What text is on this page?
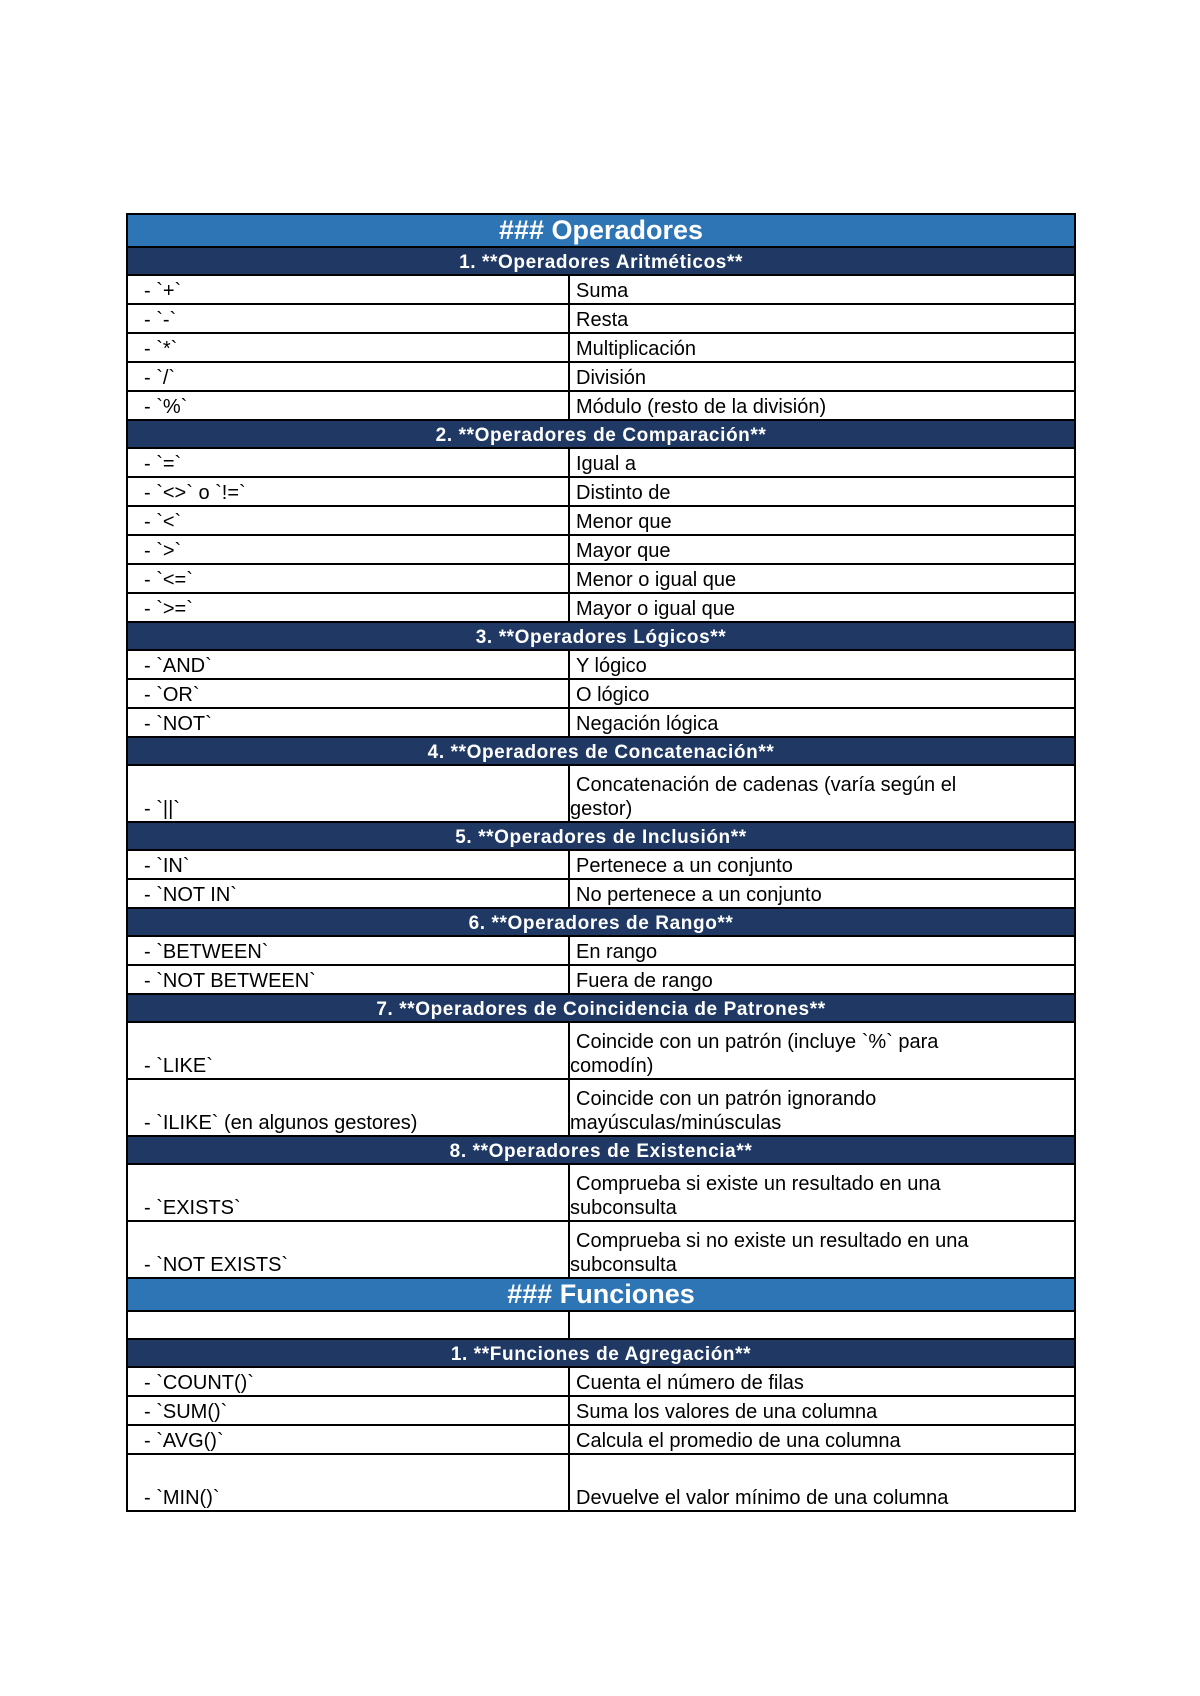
### Operadores	
1. **Operadores Aritméticos**	
- `+`	Suma
- `-`	Resta
- `*`	Multiplicación
- `/`	División
- `%`	Módulo (resto de la división)
2. **Operadores de Comparación**	
- `=`	Igual a
- `<>` o `!=`	Distinto de
- `<`	Menor que
- `>`	Mayor que
- `<=`	Menor o igual que
- `>=`	Mayor o igual que
3. **Operadores Lógicos**	
- `AND`	Y lógico
- `OR`	O lógico
- `NOT`	Negación lógica
4. **Operadores de Concatenación**	
- `||`	Concatenación de cadenas (varía según el
gestor)

5. **Operadores de Inclusión**	
- `IN`	Pertenece a un conjunto
- `NOT IN`	No pertenece a un conjunto
6. **Operadores de Rango**	
- `BETWEEN`	En rango
- `NOT BETWEEN`	Fuera de rango
7. **Operadores de Coincidencia de Patrones**	
- `LIKE`	Coincide con un patrón (incluye `%` para
comodín)

- `ILIKE` (en algunos gestores)	Coincide con un patrón ignorando
mayúsculas/minúsculas

8. **Operadores de Existencia**	
- `EXISTS`	Comprueba si existe un resultado en una
subconsulta

- `NOT EXISTS`	Comprueba si no existe un resultado en una
subconsulta

### Funciones	

1. **Funciones de Agregación**	
- `COUNT()`	Cuenta el número de filas
- `SUM()`	Suma los valores de una columna
- `AVG()`	Calcula el promedio de una columna
- `MIN()`	Devuelve el valor mínimo de una columna
